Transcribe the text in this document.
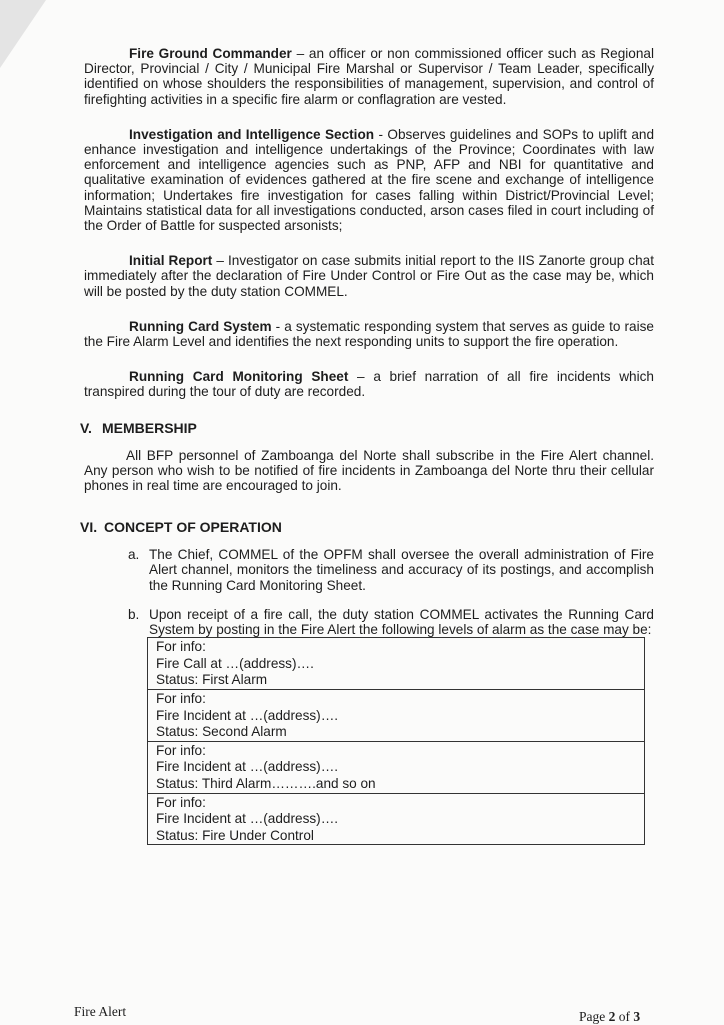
Fire Ground Commander – an officer or non commissioned officer such as Regional Director, Provincial / City / Municipal Fire Marshal or Supervisor / Team Leader, specifically identified on whose shoulders the responsibilities of management, supervision, and control of firefighting activities in a specific fire alarm or conflagration are vested.

Investigation and Intelligence Section - Observes guidelines and SOPs to uplift and enhance investigation and intelligence undertakings of the Province; Coordinates with law enforcement and intelligence agencies such as PNP, AFP and NBI for quantitative and qualitative examination of evidences gathered at the fire scene and exchange of intelligence information; Undertakes fire investigation for cases falling within District/Provincial Level; Maintains statistical data for all investigations conducted, arson cases filed in court including of the Order of Battle for suspected arsonists;

Initial Report – Investigator on case submits initial report to the IIS Zanorte group chat immediately after the declaration of Fire Under Control or Fire Out as the case may be, which will be posted by the duty station COMMEL.

Running Card System - a systematic responding system that serves as guide to raise the Fire Alarm Level and identifies the next responding units to support the fire operation.

Running Card Monitoring Sheet – a brief narration of all fire incidents which transpired during the tour of duty are recorded.

V. MEMBERSHIP

All BFP personnel of Zamboanga del Norte shall subscribe in the Fire Alert channel. Any person who wish to be notified of fire incidents in Zamboanga del Norte thru their cellular phones in real time are encouraged to join.

VI. CONCEPT OF OPERATION
a. The Chief, COMMEL of the OPFM shall oversee the overall administration of Fire Alert channel, monitors the timeliness and accuracy of its postings, and accomplish the Running Card Monitoring Sheet.

b. Upon receipt of a fire call, the duty station COMMEL activates the Running Card System by posting in the Fire Alert the following levels of alarm as the case may be:

For info:
Fire Call at …(address)….
Status: First Alarm

For info:
Fire Incident at …(address)….
Status: Second Alarm

For info:
Fire Incident at …(address)….
Status: Third Alarm……….and so on

For info:
Fire Incident at …(address)….
Status: Fire Under Control
Fire Alert	Page 2 of 3
